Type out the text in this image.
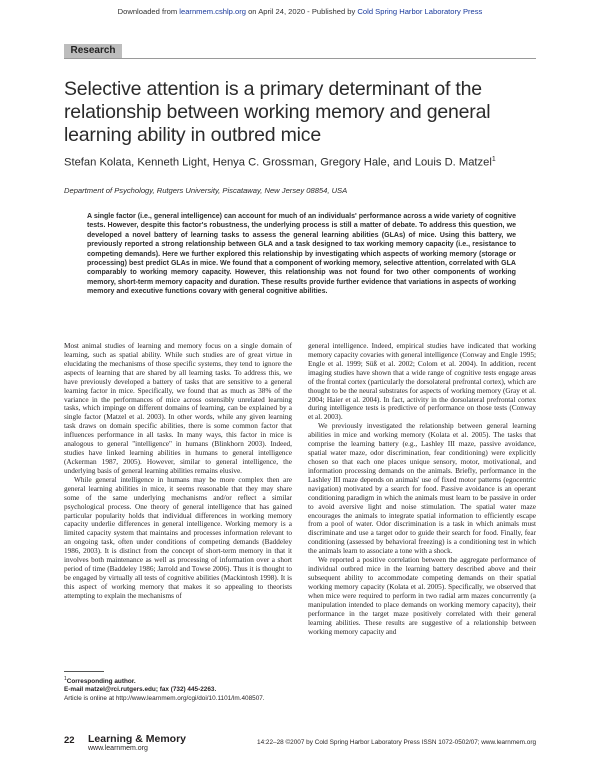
Downloaded from learnmem.cshlp.org on April 24, 2020 - Published by Cold Spring Harbor Laboratory Press
Research
Selective attention is a primary determinant of the relationship between working memory and general learning ability in outbred mice
Stefan Kolata, Kenneth Light, Henya C. Grossman, Gregory Hale, and Louis D. Matzel$^1$
Department of Psychology, Rutgers University, Piscataway, New Jersey 08854, USA
A single factor (i.e., general intelligence) can account for much of an individuals' performance across a wide variety of cognitive tests. However, despite this factor's robustness, the underlying process is still a matter of debate. To address this question, we developed a novel battery of learning tasks to assess the general learning abilities (GLAs) of mice. Using this battery, we previously reported a strong relationship between GLA and a task designed to tax working memory capacity (i.e., resistance to competing demands). Here we further explored this relationship by investigating which aspects of working memory (storage or processing) best predict GLAs in mice. We found that a component of working memory, selective attention, correlated with GLA comparably to working memory capacity. However, this relationship was not found for two other components of working memory, short-term memory capacity and duration. These results provide further evidence that variations in aspects of working memory and executive functions covary with general cognitive abilities.

Most animal studies of learning and memory focus on a single domain of learning, such as spatial ability. While such studies are of great virtue in elucidating the mechanisms of those specific systems, they tend to ignore the aspects of learning that are shared by all learning tasks. To address this, we have previously developed a battery of tasks that are sensitive to a general learning factor in mice. Specifically, we found that as much as 38% of the variance in the performances of mice across ostensibly unrelated learning tasks, which impinge on different domains of learning, can be explained by a single factor (Matzel et al. 2003). In other words, while any given learning task draws on domain specific abilities, there is some common factor that influences performance in all tasks. In many ways, this factor in mice is analogous to general "intelligence" in humans (Blinkhorn 2003). Indeed, studies have linked learning abilities in humans to general intelligence (Ackerman 1987, 2005). However, similar to general intelligence, the underlying basis of general learning abilities remains elusive.

While general intelligence in humans may be more complex then are general learning abilities in mice, it seems reasonable that they may share some of the same underlying mechanisms and/or reflect a similar psychological process. One theory of general intelligence that has gained particular popularity holds that individual differences in working memory capacity underlie differences in general intelligence. Working memory is a limited capacity system that maintains and processes information relevant to an ongoing task, often under conditions of competing demands (Baddeley 1986, 2003). It is distinct from the concept of short-term memory in that it involves both maintenance as well as processing of information over a short period of time (Baddeley 1986; Jarrold and Towse 2006). Thus it is thought to be engaged by virtually all tests of cognitive abilities (Mackintosh 1998). It is this aspect of working memory that makes it so appealing to theorists attempting to explain the mechanisms of

general intelligence. Indeed, empirical studies have indicated that working memory capacity covaries with general intelligence (Conway and Engle 1995; Engle et al. 1999; Süß et al. 2002; Colom et al. 2004). In addition, recent imaging studies have shown that a wide range of cognitive tests engage areas of the frontal cortex (particularly the dorsolateral prefrontal cortex), which are thought to be the neural substrates for aspects of working memory (Gray et al. 2004; Haier et al. 2004). In fact, activity in the dorsolateral prefrontal cortex during intelligence tests is predictive of performance on those tests (Conway et al. 2003).

We previously investigated the relationship between general learning abilities in mice and working memory (Kolata et al. 2005). The tasks that comprise the learning battery (e.g., Lashley III maze, passive avoidance, spatial water maze, odor discrimination, fear conditioning) were explicitly chosen so that each one places unique sensory, motor, motivational, and information processing demands on the animals. Briefly, performance in the Lashley III maze depends on animals' use of fixed motor patterns (egocentric navigation) motivated by a search for food. Passive avoidance is an operant conditioning paradigm in which the animals must learn to be passive in order to avoid aversive light and noise stimulation. The spatial water maze encourages the animals to integrate spatial information to efficiently escape from a pool of water. Odor discrimination is a task in which animals must discriminate and use a target odor to guide their search for food. Finally, fear conditioning (assessed by behavioral freezing) is a conditioning test in which the animals learn to associate a tone with a shock.

We reported a positive correlation between the aggregate performance of individual outbred mice in the learning battery described above and their subsequent ability to accommodate competing demands on their spatial working memory capacity (Kolata et al. 2005). Specifically, we observed that when mice were required to perform in two radial arm mazes concurrently (a manipulation intended to place demands on working memory capacity), their performance in the target maze positively correlated with their general learning abilities. These results are suggestive of a relationship between working memory capacity and

$^1$Corresponding author.
E-mail matzel@rci.rutgers.edu; fax (732) 445-2263.
Article is online at http://www.learnmem.org/cgi/doi/10.1101/lm.408507.
22 Learning & Memory
www.learnmem.org
14:22–28 ©2007 by Cold Spring Harbor Laboratory Press ISSN 1072-0502/07; www.learnmem.org
